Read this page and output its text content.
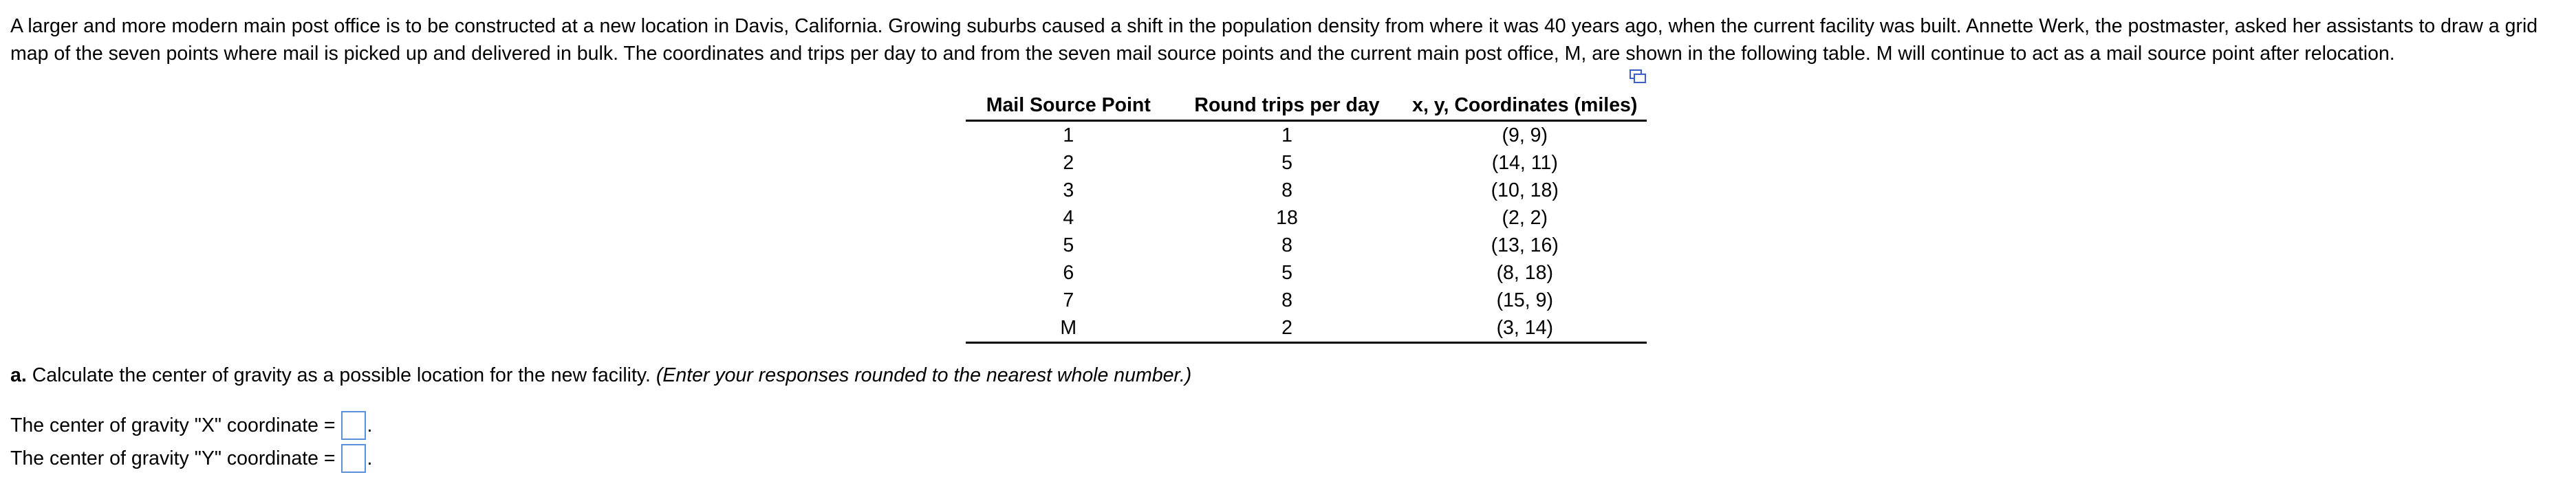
A larger and more modern main post office is to be constructed at a new location in Davis, California. Growing suburbs caused a shift in the population density from where it was 40 years ago, when the current facility was built. Annette Werk, the postmaster, asked her assistants to draw a grid map of the seven points where mail is picked up and delivered in bulk. The coordinates and trips per day to and from the seven mail source points and the current main post office, M, are shown in the following table. M will continue to act as a mail source point after relocation.

Mail Source Point	Round trips per day	x, y, Coordinates (miles)
1	1	(9, 9)
2	5	(14, 11)
3	8	(10, 18)
4	18	(2, 2)
5	8	(13, 16)
6	5	(8, 18)
7	8	(15, 9)
M	2	(3, 14)

a. Calculate the center of gravity as a possible location for the new facility. (Enter your responses rounded to the nearest whole number.)

The center of gravity "X" coordinate = .
The center of gravity "Y" coordinate = .
